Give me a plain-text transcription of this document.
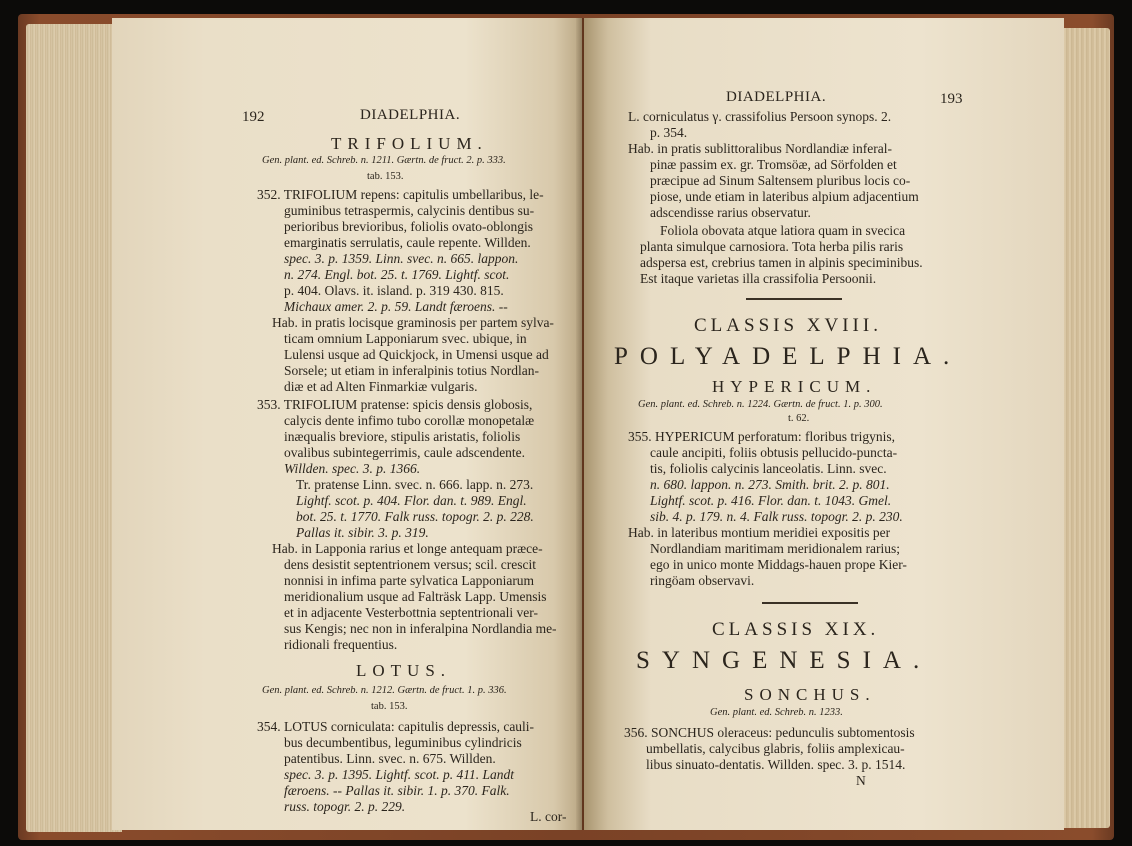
192	DIADELPHIA.
TRIFOLIUM.
Gen. plant. ed. Schreb. n. 1211. Gærtn. de fruct. 2. p. 333.
tab. 153.
352. TRIFOLIUM repens: capitulis umbellaribus, le-
guminibus tetraspermis, calycinis dentibus su-
perioribus brevioribus, foliolis ovato-oblongis
emarginatis serrulatis, caule repente. Willden.
spec. 3. p. 1359. Linn. svec. n. 665. lappon.
n. 274. Engl. bot. 25. t. 1769. Lightf. scot.
p. 404. Olavs. it. island. p. 319 430. 815.
Michaux amer. 2. p. 59. Landt færoens. --
Hab. in pratis locisque graminosis per partem sylva-
ticam omnium Lapponiarum svec. ubique, in
Lulensi usque ad Quickjock, in Umensi usque ad
Sorsele; ut etiam in inferalpinis totius Nordlan-
diæ et ad Alten Finmarkiæ vulgaris.
353. TRIFOLIUM pratense: spicis densis globosis,
calycis dente infimo tubo corollæ monopetalæ
inæqualis breviore, stipulis aristatis, foliolis
ovalibus subintegerrimis, caule adscendente.
Willden. spec. 3. p. 1366.
Tr. pratense Linn. svec. n. 666. lapp. n. 273.
Lightf. scot. p. 404. Flor. dan. t. 989. Engl.
bot. 25. t. 1770. Falk russ. topogr. 2. p. 228.
Pallas it. sibir. 3. p. 319.
Hab. in Lapponia rarius et longe antequam præce-
dens desistit septentrionem versus; scil. crescit
nonnisi in infima parte sylvatica Lapponiarum
meridionalium usque ad Falträsk Lapp. Umensis
et in adjacente Vesterbottnia septentrionali ver-
sus Kengis; nec non in inferalpina Nordlandia me-
ridionali frequentius.
LOTUS.
Gen. plant. ed. Schreb. n. 1212. Gærtn. de fruct. 1. p. 336.
tab. 153.
354. LOTUS corniculata: capitulis depressis, cauli-
bus decumbentibus, leguminibus cylindricis
patentibus. Linn. svec. n. 675. Willden.
spec. 3. p. 1395. Lightf. scot. p. 411. Landt
færoens. -- Pallas it. sibir. 1. p. 370. Falk.
russ. topogr. 2. p. 229.
L. cor-
DIADELPHIA.	193
L. corniculatus γ. crassifolius Persoon synops. 2.
p. 354.
Hab. in pratis sublittoralibus Nordlandiæ inferal-
pinæ passim ex. gr. Tromsöæ, ad Sörfolden et
præcipue ad Sinum Saltensem pluribus locis co-
piose, unde etiam in lateribus alpium adjacentium
adscendisse rarius observatur.
Foliola obovata atque latiora quam in svecica
planta simulque carnosiora. Tota herba pilis raris
adspersa est, crebrius tamen in alpinis speciminibus.
Est itaque varietas illa crassifolia Persoonii.
CLASSIS XVIII.
POLYADELPHIA.
HYPERICUM.
Gen. plant. ed. Schreb. n. 1224. Gærtn. de fruct. 1. p. 300.
t. 62.
355. HYPERICUM perforatum: floribus trigynis,
caule ancipiti, foliis obtusis pellucido-puncta-
tis, foliolis calycinis lanceolatis. Linn. svec.
n. 680. lappon. n. 273. Smith. brit. 2. p. 801.
Lightf. scot. p. 416. Flor. dan. t. 1043. Gmel.
sib. 4. p. 179. n. 4. Falk russ. topogr. 2. p. 230.
Hab. in lateribus montium meridiei expositis per
Nordlandiam maritimam meridionalem rarius;
ego in unico monte Middags-hauen prope Kier-
ringöam observavi.
CLASSIS XIX.
SYNGENESIA.
SONCHUS.
Gen. plant. ed. Schreb. n. 1233.
356. SONCHUS oleraceus: pedunculis subtomentosis
umbellatis, calycibus glabris, foliis amplexicau-
libus sinuato-dentatis. Willden. spec. 3. p. 1514.
N
